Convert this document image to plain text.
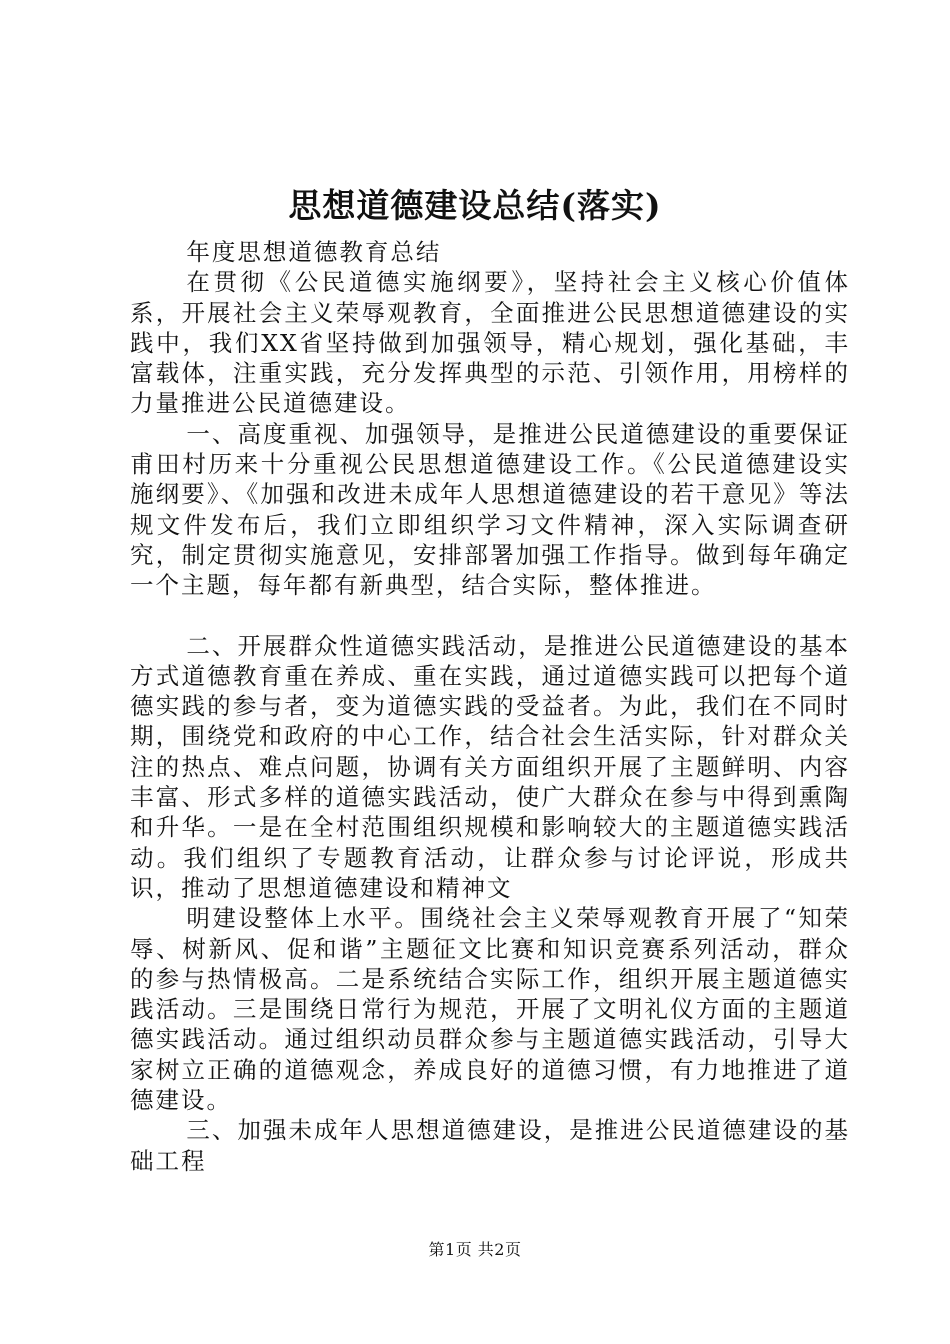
思想道德建设总结(落实)

年度思想道德教育总结

在贯彻《公民道德实施纲要》，坚持社会主义核心价值体系，开展社会主义荣辱观教育，全面推进公民思想道德建设的实践中，我们XX省坚持做到加强领导，精心规划，强化基础，丰富载体，注重实践，充分发挥典型的示范、引领作用，用榜样的力量推进公民道德建设。

一、高度重视、加强领导，是推进公民道德建设的重要保证甫田村历来十分重视公民思想道德建设工作。《公民道德建设实施纲要》、《加强和改进未成年人思想道德建设的若干意见》等法规文件发布后，我们立即组织学习文件精神，深入实际调查研究，制定贯彻实施意见，安排部署加强工作指导。做到每年确定一个主题，每年都有新典型，结合实际，整体推进。

二、开展群众性道德实践活动，是推进公民道德建设的基本方式道德教育重在养成、重在实践，通过道德实践可以把每个道德实践的参与者，变为道德实践的受益者。为此，我们在不同时期，围绕党和政府的中心工作，结合社会生活实际，针对群众关注的热点、难点问题，协调有关方面组织开展了主题鲜明、内容丰富、形式多样的道德实践活动，使广大群众在参与中得到熏陶和升华。一是在全村范围组织规模和影响较大的主题道德实践活动。我们组织了专题教育活动，让群众参与讨论评说，形成共识，推动了思想道德建设和精神文

明建设整体上水平。围绕社会主义荣辱观教育开展了“知荣辱、树新风、促和谐”主题征文比赛和知识竞赛系列活动，群众的参与热情极高。二是系统结合实际工作，组织开展主题道德实践活动。三是围绕日常行为规范，开展了文明礼仪方面的主题道德实践活动。通过组织动员群众参与主题道德实践活动，引导大家树立正确的道德观念，养成良好的道德习惯，有力地推进了道德建设。

三、加强未成年人思想道德建设，是推进公民道德建设的基础工程

第1页 共2页
